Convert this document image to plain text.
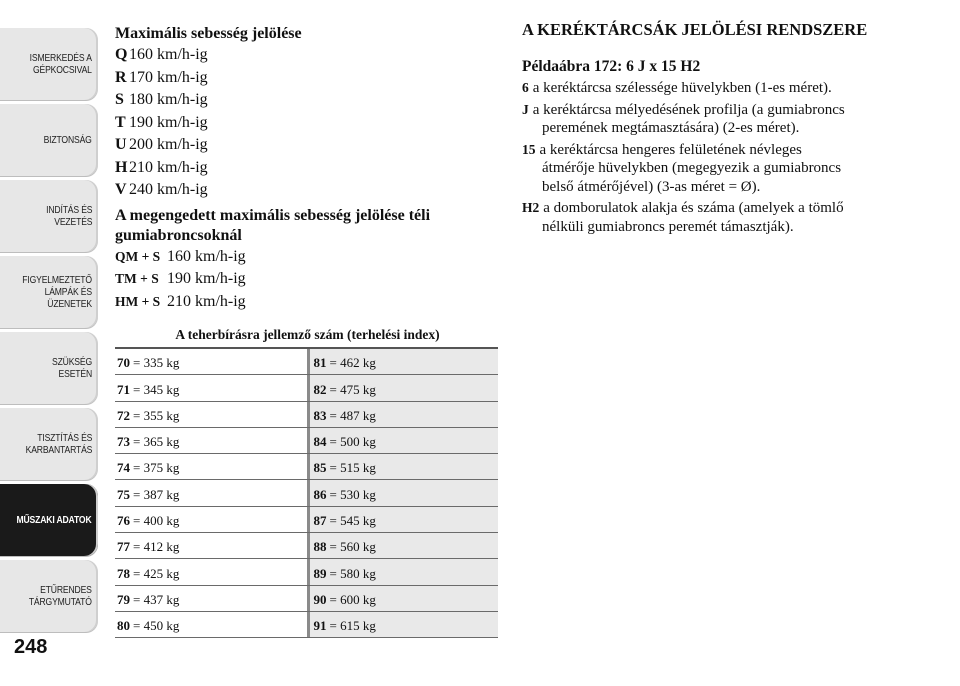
ISMERKEDÉS A
GÉPKOCSIVAL
BIZTONSÁG
INDÍTÁS ÉS
VEZETÉS
FIGYELMEZTETŐ
LÁMPÁK ÉS
ÜZENETEK
SZÜKSÉG ESETÉN
TISZTÍTÁS ÉS
KARBANTARTÁS
MŰSZAKI ADATOK
ETŰRENDES
TÁRGYMUTATÓ
248
Maximális sebesség jelölése
Q160 km/h-ig
R 170 km/h-ig
S 180 km/h-ig
T 190 km/h-ig
U 200 km/h-ig
H210 km/h-ig
V 240 km/h-ig
A megengedett maximális sebesség jelölése téli gumiabroncsoknál
QM + S 160 km/h-ig
TM + S 190 km/h-ig
HM + S 210 km/h-ig
A teherbírásra jellemző szám (terhelési index)
70 = 335 kg	81 = 462 kg
71 = 345 kg	82 = 475 kg
72 = 355 kg	83 = 487 kg
73 = 365 kg	84 = 500 kg
74 = 375 kg	85 = 515 kg
75 = 387 kg	86 = 530 kg
76 = 400 kg	87 = 545 kg
77 = 412 kg	88 = 560 kg
78 = 425 kg	89 = 580 kg
79 = 437 kg	90 = 600 kg
80 = 450 kg	91 = 615 kg
A KERÉKTÁRCSÁK JELÖLÉSI RENDSZERE
Példaábra 172: 6 J x 15 H2
6 a keréktárcsa szélessége hüvelykben (1-es méret).
J a keréktárcsa mélyedésének profilja (a gumiabroncs
peremének megtámasztására) (2-es méret).
15 a keréktárcsa hengeres felületének névleges
átmérője hüvelykben (megegyezik a gumiabroncs
belső átmérőjével) (3-as méret = Ø).
H2 a domborulatok alakja és száma (amelyek a tömlő
nélküli gumiabroncs peremét támasztják).
